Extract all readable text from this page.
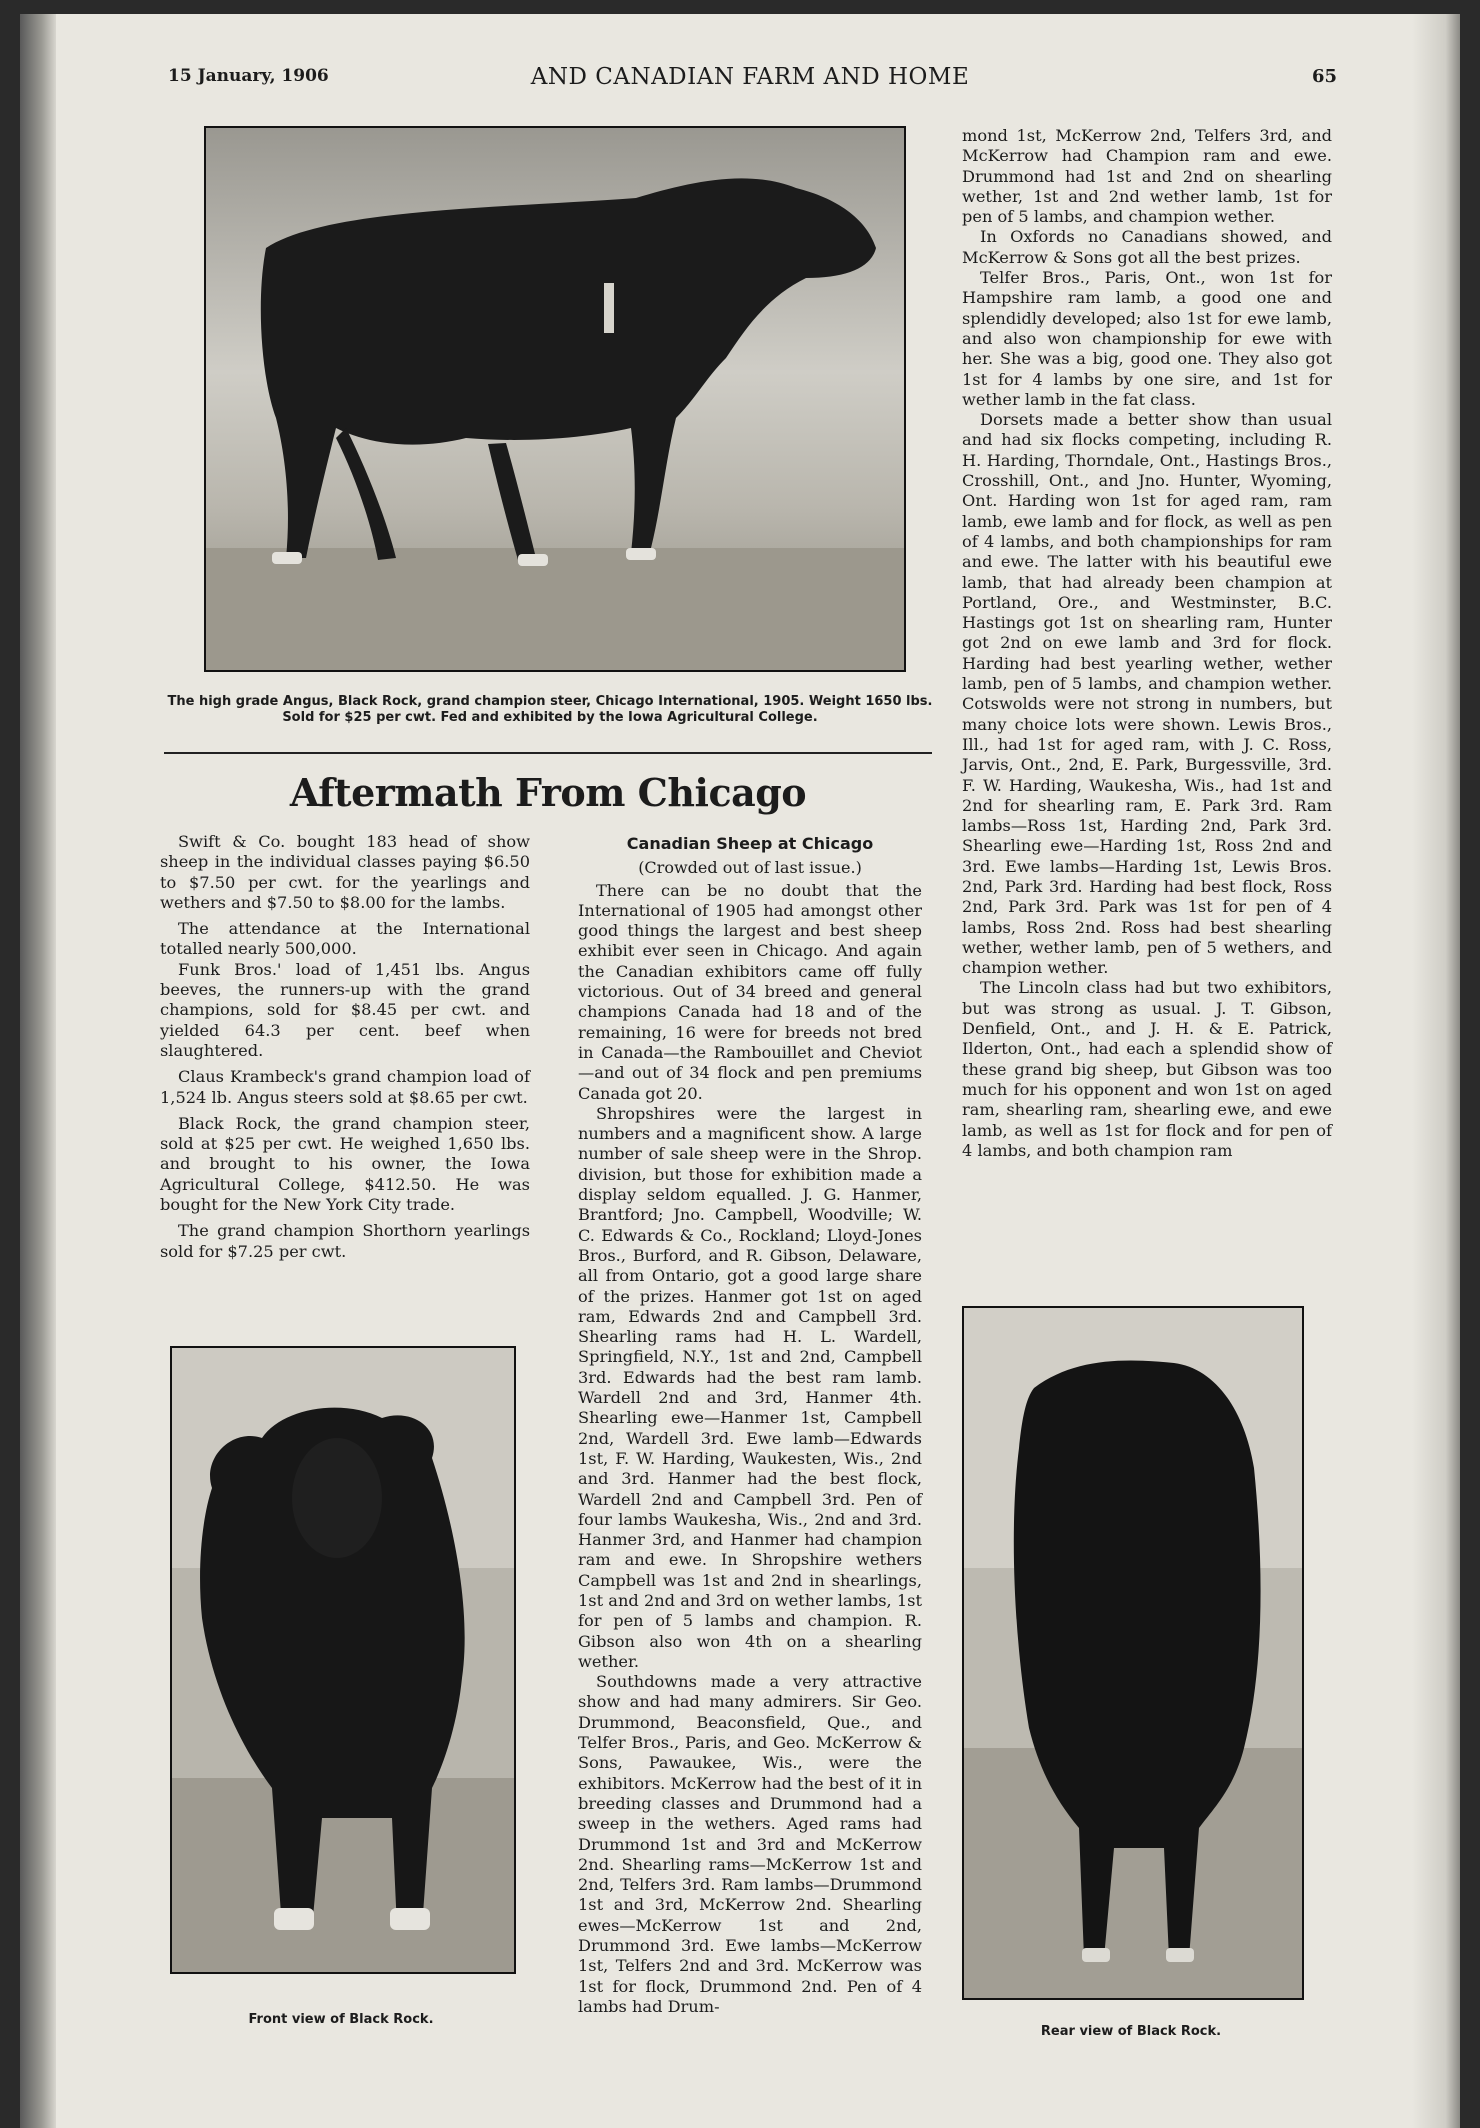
15 January, 1906	AND CANADIAN FARM AND HOME	65
The high grade Angus, Black Rock, grand champion steer, Chicago International, 1905. Weight 1650 lbs. Sold for $25 per cwt. Fed and exhibited by the Iowa Agricultural College.
Aftermath From Chicago

Swift & Co. bought 183 head of show sheep in the individual classes paying $6.50 to $7.50 per cwt. for the yearlings and wethers and $7.50 to $8.00 for the lambs.

The attendance at the International totalled nearly 500,000.

Funk Bros.' load of 1,451 lbs. Angus beeves, the runners-up with the grand champions, sold for $8.45 per cwt. and yielded 64.3 per cent. beef when slaughtered.

Claus Krambeck's grand champion load of 1,524 lb. Angus steers sold at $8.65 per cwt.

Black Rock, the grand champion steer, sold at $25 per cwt. He weighed 1,650 lbs. and brought to his owner, the Iowa Agricultural College, $412.50. He was bought for the New York City trade.

The grand champion Shorthorn yearlings sold for $7.25 per cwt.

Front view of Black Rock.

Canadian Sheep at Chicago

(Crowded out of last issue.)

There can be no doubt that the International of 1905 had amongst other good things the largest and best sheep exhibit ever seen in Chicago. And again the Canadian exhibitors came off fully victorious. Out of 34 breed and general champions Canada had 18 and of the remaining, 16 were for breeds not bred in Canada—the Rambouillet and Cheviot—and out of 34 flock and pen premiums Canada got 20.

Shropshires were the largest in numbers and a magnificent show. A large number of sale sheep were in the Shrop. division, but those for exhibition made a display seldom equalled. J. G. Hanmer, Brantford; Jno. Campbell, Woodville; W. C. Edwards & Co., Rockland; Lloyd-Jones Bros., Burford, and R. Gibson, Delaware, all from Ontario, got a good large share of the prizes. Hanmer got 1st on aged ram, Edwards 2nd and Campbell 3rd. Shearling rams had H. L. Wardell, Springfield, N.Y., 1st and 2nd, Campbell 3rd. Edwards had the best ram lamb. Wardell 2nd and 3rd, Hanmer 4th. Shearling ewe—Hanmer 1st, Campbell 2nd, Wardell 3rd. Ewe lamb—Edwards 1st, F. W. Harding, Waukesten, Wis., 2nd and 3rd. Hanmer had the best flock, Wardell 2nd and Campbell 3rd. Pen of four lambs Waukesha, Wis., 2nd and 3rd. Hanmer 3rd, and Hanmer had champion ram and ewe. In Shropshire wethers Campbell was 1st and 2nd in shearlings, 1st and 2nd and 3rd on wether lambs, 1st for pen of 5 lambs and champion. R. Gibson also won 4th on a shearling wether.

Southdowns made a very attractive show and had many admirers. Sir Geo. Drummond, Beaconsfield, Que., and Telfer Bros., Paris, and Geo. McKerrow & Sons, Pawaukee, Wis., were the exhibitors. McKerrow had the best of it in breeding classes and Drummond had a sweep in the wethers. Aged rams had Drummond 1st and 3rd and McKerrow 2nd. Shearling rams—McKerrow 1st and 2nd, Telfers 3rd. Ram lambs—Drummond 1st and 3rd, McKerrow 2nd. Shearling ewes—McKerrow 1st and 2nd, Drummond 3rd. Ewe lambs—McKerrow 1st, Telfers 2nd and 3rd. McKerrow was 1st for flock, Drummond 2nd. Pen of 4 lambs had Drum-

mond 1st, McKerrow 2nd, Telfers 3rd, and McKerrow had Champion ram and ewe. Drummond had 1st and 2nd on shearling wether, 1st and 2nd wether lamb, 1st for pen of 5 lambs, and champion wether.

In Oxfords no Canadians showed, and McKerrow & Sons got all the best prizes.

Telfer Bros., Paris, Ont., won 1st for Hampshire ram lamb, a good one and splendidly developed; also 1st for ewe lamb, and also won championship for ewe with her. She was a big, good one. They also got 1st for 4 lambs by one sire, and 1st for wether lamb in the fat class.

Dorsets made a better show than usual and had six flocks competing, including R. H. Harding, Thorndale, Ont., Hastings Bros., Crosshill, Ont., and Jno. Hunter, Wyoming, Ont. Harding won 1st for aged ram, ram lamb, ewe lamb and for flock, as well as pen of 4 lambs, and both championships for ram and ewe. The latter with his beautiful ewe lamb, that had already been champion at Portland, Ore., and Westminster, B.C. Hastings got 1st on shearling ram, Hunter got 2nd on ewe lamb and 3rd for flock. Harding had best yearling wether, wether lamb, pen of 5 lambs, and champion wether. Cotswolds were not strong in numbers, but many choice lots were shown. Lewis Bros., Ill., had 1st for aged ram, with J. C. Ross, Jarvis, Ont., 2nd, E. Park, Burgessville, 3rd. F. W. Harding, Waukesha, Wis., had 1st and 2nd for shearling ram, E. Park 3rd. Ram lambs—Ross 1st, Harding 2nd, Park 3rd. Shearling ewe—Harding 1st, Ross 2nd and 3rd. Ewe lambs—Harding 1st, Lewis Bros. 2nd, Park 3rd. Harding had best flock, Ross 2nd, Park 3rd. Park was 1st for pen of 4 lambs, Ross 2nd. Ross had best shearling wether, wether lamb, pen of 5 wethers, and champion wether.

The Lincoln class had but two exhibitors, but was strong as usual. J. T. Gibson, Denfield, Ont., and J. H. & E. Patrick, Ilderton, Ont., had each a splendid show of these grand big sheep, but Gibson was too much for his opponent and won 1st on aged ram, shearling ram, shearling ewe, and ewe lamb, as well as 1st for flock and for pen of 4 lambs, and both champion ram

Rear view of Black Rock.
